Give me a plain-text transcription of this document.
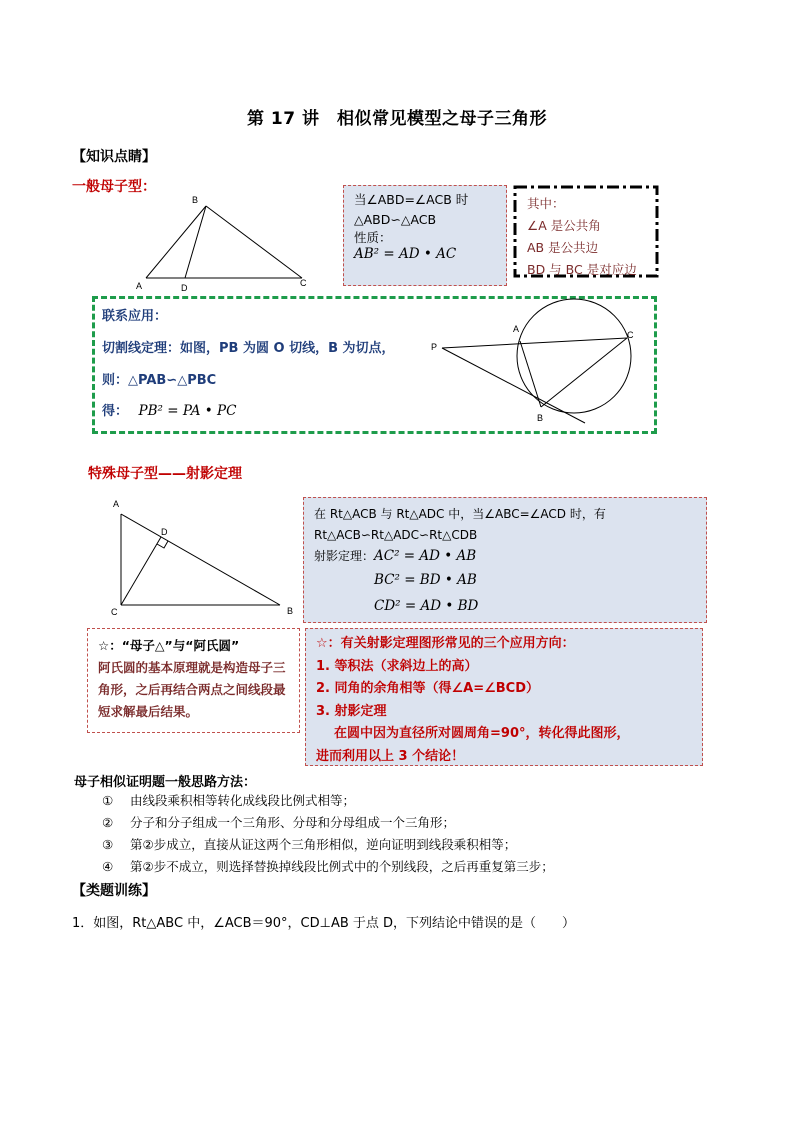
第 17 讲　相似常见模型之母子三角形
【知识点睛】
一般母子型：
B
A	D	C
当∠ABD=∠ACB 时
△ABD∽△ACB
性质：
AB² = AD • AC
其中：
∠A 是公共角
AB 是公共边
BD 与 BC 是对应边
联系应用：
切割线定理：如图，PB 为圆 O 切线，B 为切点，
则：△PAB∽△PBC
得： PB² = PA • PC
P
A
C
B
特殊母子型——射影定理
A
D
C	B
在 Rt△ACB 与 Rt△ADC 中，当∠ABC=∠ACD 时，有
Rt△ACB∽Rt△ADC∽Rt△CDB
射影定理：AC² = AD • AB
BC² = BD • AB
CD² = AD • BD
☆：“母子△”与“阿氏圆”
阿氏圆的基本原理就是构造母子三角形，之后再结合两点之间线段最短求解最后结果。
☆：有关射影定理图形常见的三个应用方向：
1. 等积法（求斜边上的高）
2. 同角的余角相等（得∠A=∠BCD）
3. 射影定理
在圆中因为直径所对圆周角=90°，转化得此图形，
进而利用以上 3 个结论！
母子相似证明题一般思路方法：
① 由线段乘积相等转化成线段比例式相等；
② 分子和分子组成一个三角形、分母和分母组成一个三角形；
③ 第②步成立，直接从证这两个三角形相似，逆向证明到线段乘积相等；
④ 第②步不成立，则选择替换掉线段比例式中的个别线段，之后再重复第三步；
【类题训练】
1．如图，Rt△ABC 中，∠ACB＝90°，CD⊥AB 于点 D，下列结论中错误的是（　　）
